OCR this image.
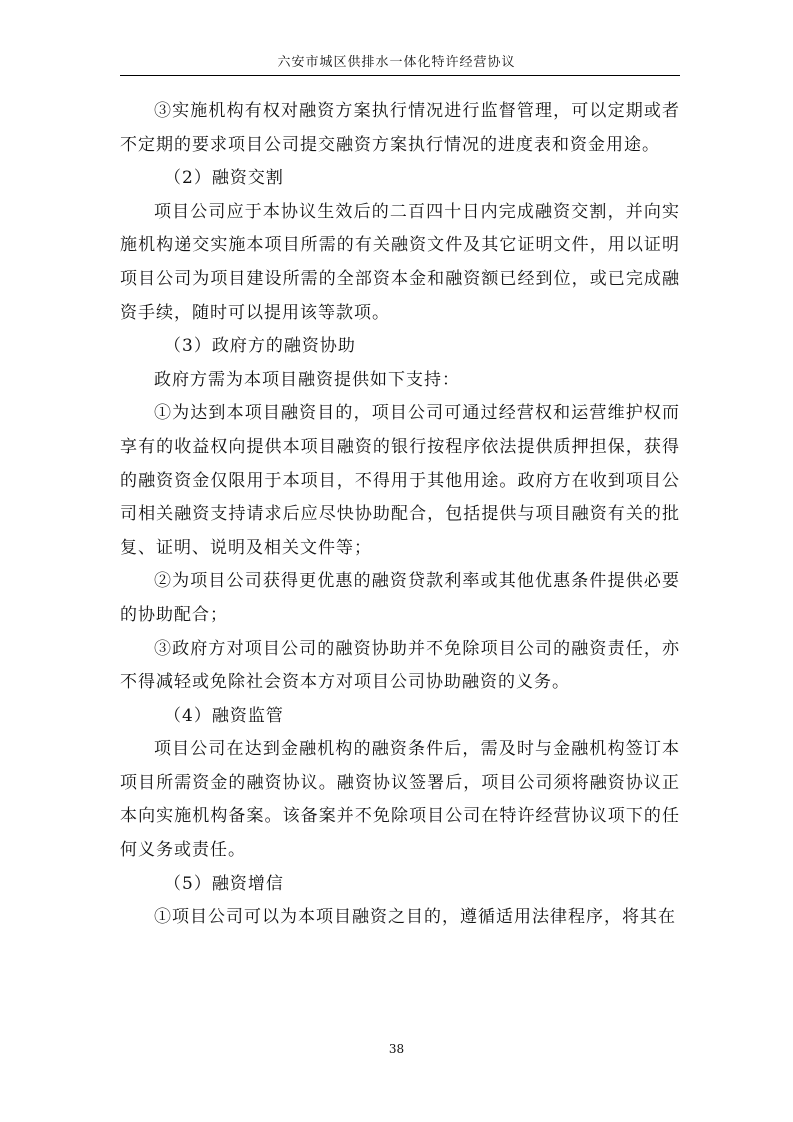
六安市城区供排水一体化特许经营协议

③实施机构有权对融资方案执行情况进行监督管理，可以定期或者不定期的要求项目公司提交融资方案执行情况的进度表和资金用途。

（2）融资交割

项目公司应于本协议生效后的二百四十日内完成融资交割，并向实施机构递交实施本项目所需的有关融资文件及其它证明文件，用以证明项目公司为项目建设所需的全部资本金和融资额已经到位，或已完成融资手续，随时可以提用该等款项。

（3）政府方的融资协助

政府方需为本项目融资提供如下支持：

①为达到本项目融资目的，项目公司可通过经营权和运营维护权而享有的收益权向提供本项目融资的银行按程序依法提供质押担保，获得的融资资金仅限用于本项目，不得用于其他用途。政府方在收到项目公司相关融资支持请求后应尽快协助配合，包括提供与项目融资有关的批复、证明、说明及相关文件等；

②为项目公司获得更优惠的融资贷款利率或其他优惠条件提供必要的协助配合；

③政府方对项目公司的融资协助并不免除项目公司的融资责任，亦不得减轻或免除社会资本方对项目公司协助融资的义务。

（4）融资监管

项目公司在达到金融机构的融资条件后，需及时与金融机构签订本项目所需资金的融资协议。融资协议签署后，项目公司须将融资协议正本向实施机构备案。该备案并不免除项目公司在特许经营协议项下的任何义务或责任。

（5）融资增信

①项目公司可以为本项目融资之目的，遵循适用法律程序，将其在

38
